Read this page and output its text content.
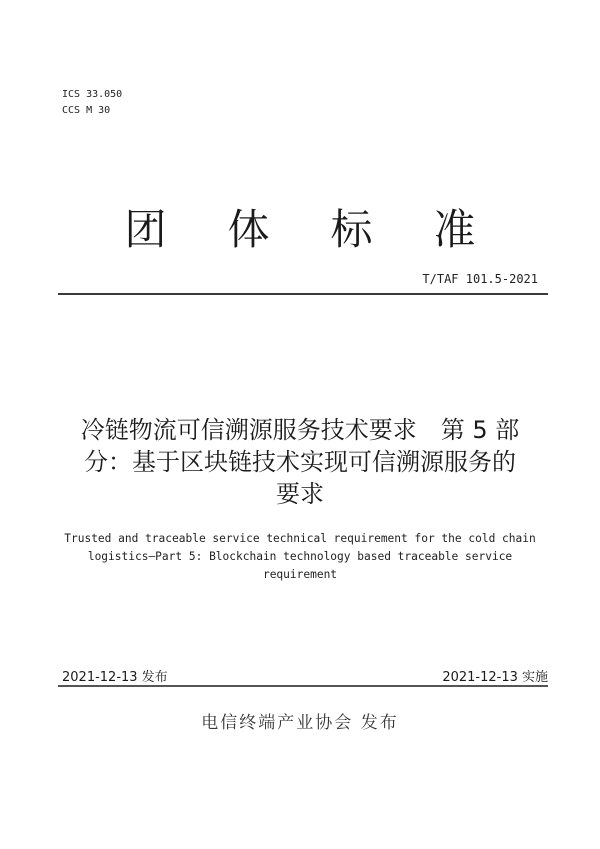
ICS 33.050
CCS M 30
团	体	标	准
T/TAF 101.5-2021
冷链物流可信溯源服务技术要求　第 5 部
分：基于区块链技术实现可信溯源服务的
要求
Trusted and traceable service technical requirement for the cold chain
logistics—Part 5: Blockchain technology based traceable service
requirement
2021-12-13 发布	2021-12-13 实施
电信终端产业协会 发布
